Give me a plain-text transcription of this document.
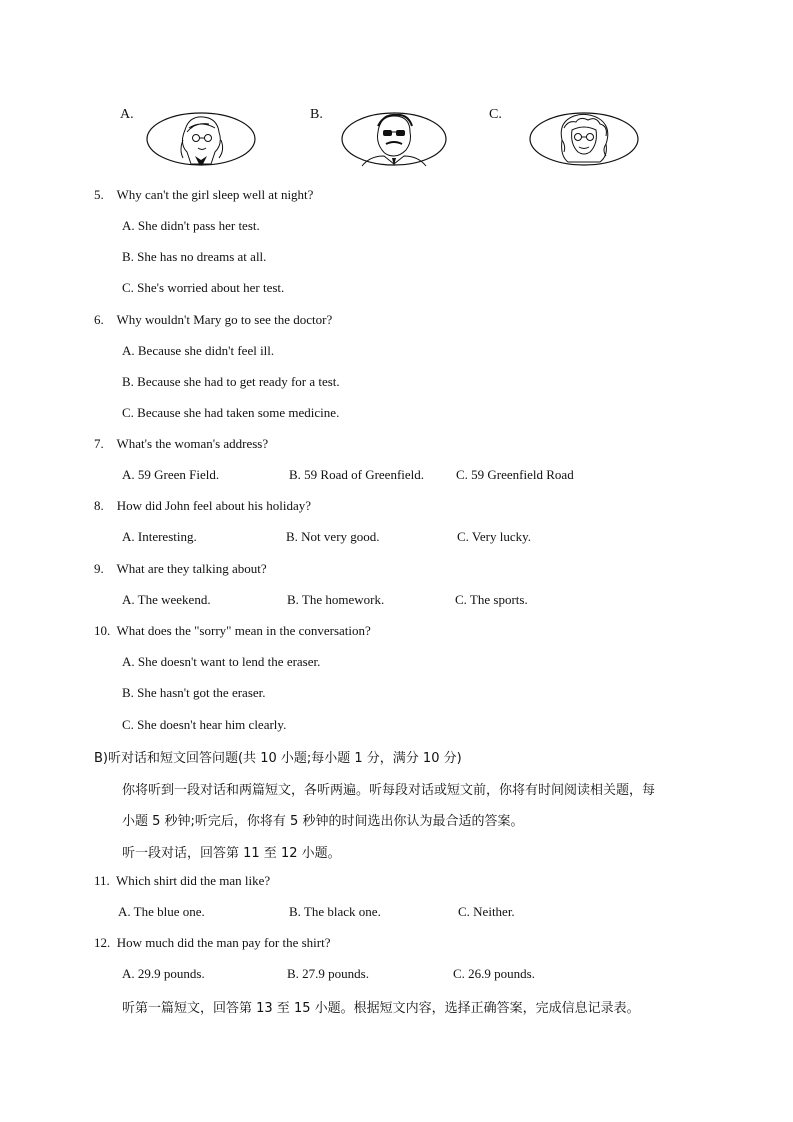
A.	B.	C.
5.    Why can't the girl sleep well at night?
A. She didn't pass her test.
B. She has no dreams at all.
C. She's worried about her test.
6.    Why wouldn't Mary go to see the doctor?
A. Because she didn't feel ill.
B. Because she had to get ready for a test.
C. Because she had taken some medicine.
7.    What's the woman's address?
A. 59 Green Field.	B. 59 Road of Greenfield. C. 59 Greenfield Road
8.    How did John feel about his holiday?
A. Interesting.	B. Not very good.	C. Very lucky.
9.    What are they talking about?
A. The weekend.	B. The homework.	C. The sports.
10.  What does the "sorry" mean in the conversation?
A. She doesn't want to lend the eraser.
B. She hasn't got the eraser.
C. She doesn't hear him clearly.
B)听对话和短文回答问题(共 10 小题;每小题 1 分，满分 10 分)
你将听到一段对话和两篇短文，各听两遍。听每段对话或短文前，你将有时间阅读相关题，每
小题 5 秒钟;听完后，你将有 5 秒钟的时间选出你认为最合适的答案。
听一段对话，回答第 11 至 12 小题。
11.  Which shirt did the man like?
A. The blue one.	B. The black one.	C. Neither.
12.  How much did the man pay for the shirt?
A. 29.9 pounds.	B. 27.9 pounds.	C. 26.9 pounds.
听第一篇短文，回答第 13 至 15 小题。根据短文内容，选择正确答案，完成信息记录表。
